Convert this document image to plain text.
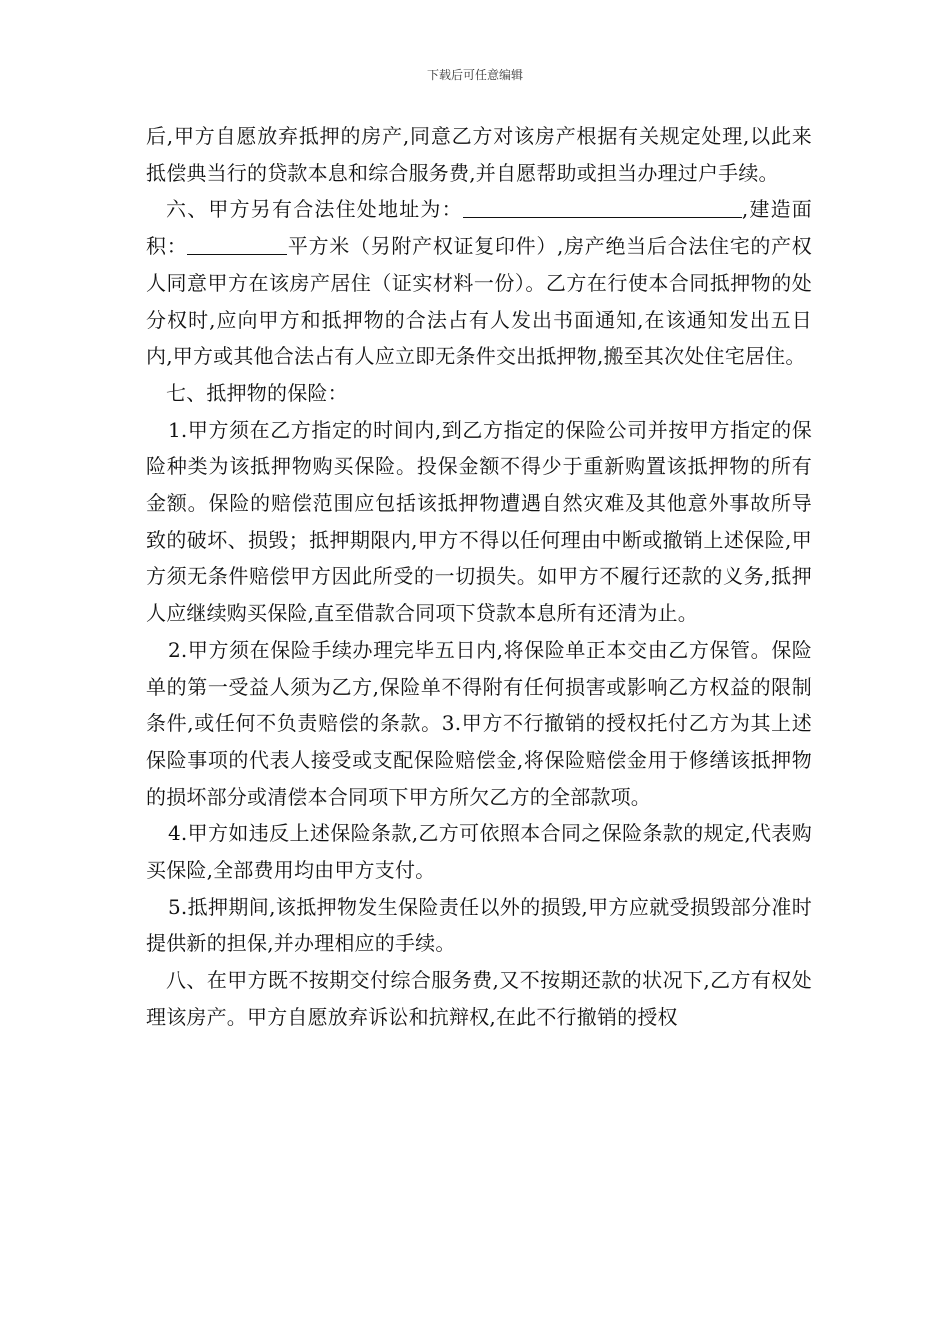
下载后可任意编辑

后,甲方自愿放弃抵押的房产,同意乙方对该房产根据有关规定处理,以此来抵偿典当行的贷款本息和综合服务费,并自愿帮助或担当办理过户手续。

六、甲方另有合法住处地址为：	,建造面积：	平方米（另附产权证复印件）,房产绝当后合法住宅的产权人同意甲方在该房产居住（证实材料一份）。乙方在行使本合同抵押物的处分权时,应向甲方和抵押物的合法占有人发出书面通知,在该通知发出五日内,甲方或其他合法占有人应立即无条件交出抵押物,搬至其次处住宅居住。

七、抵押物的保险：

1.甲方须在乙方指定的时间内,到乙方指定的保险公司并按甲方指定的保险种类为该抵押物购买保险。投保金额不得少于重新购置该抵押物的所有金额。保险的赔偿范围应包括该抵押物遭遇自然灾难及其他意外事故所导致的破坏、损毁；抵押期限内,甲方不得以任何理由中断或撤销上述保险,甲方须无条件赔偿甲方因此所受的一切损失。如甲方不履行还款的义务,抵押人应继续购买保险,直至借款合同项下贷款本息所有还清为止。

2.甲方须在保险手续办理完毕五日内,将保险单正本交由乙方保管。保险单的第一受益人须为乙方,保险单不得附有任何损害或影响乙方权益的限制条件,或任何不负责赔偿的条款。3.甲方不行撤销的授权托付乙方为其上述保险事项的代表人接受或支配保险赔偿金,将保险赔偿金用于修缮该抵押物的损坏部分或清偿本合同项下甲方所欠乙方的全部款项。

4.甲方如违反上述保险条款,乙方可依照本合同之保险条款的规定,代表购买保险,全部费用均由甲方支付。

5.抵押期间,该抵押物发生保险责任以外的损毁,甲方应就受损毁部分准时提供新的担保,并办理相应的手续。

八、在甲方既不按期交付综合服务费,又不按期还款的状况下,乙方有权处理该房产。甲方自愿放弃诉讼和抗辩权,在此不行撤销的授权
